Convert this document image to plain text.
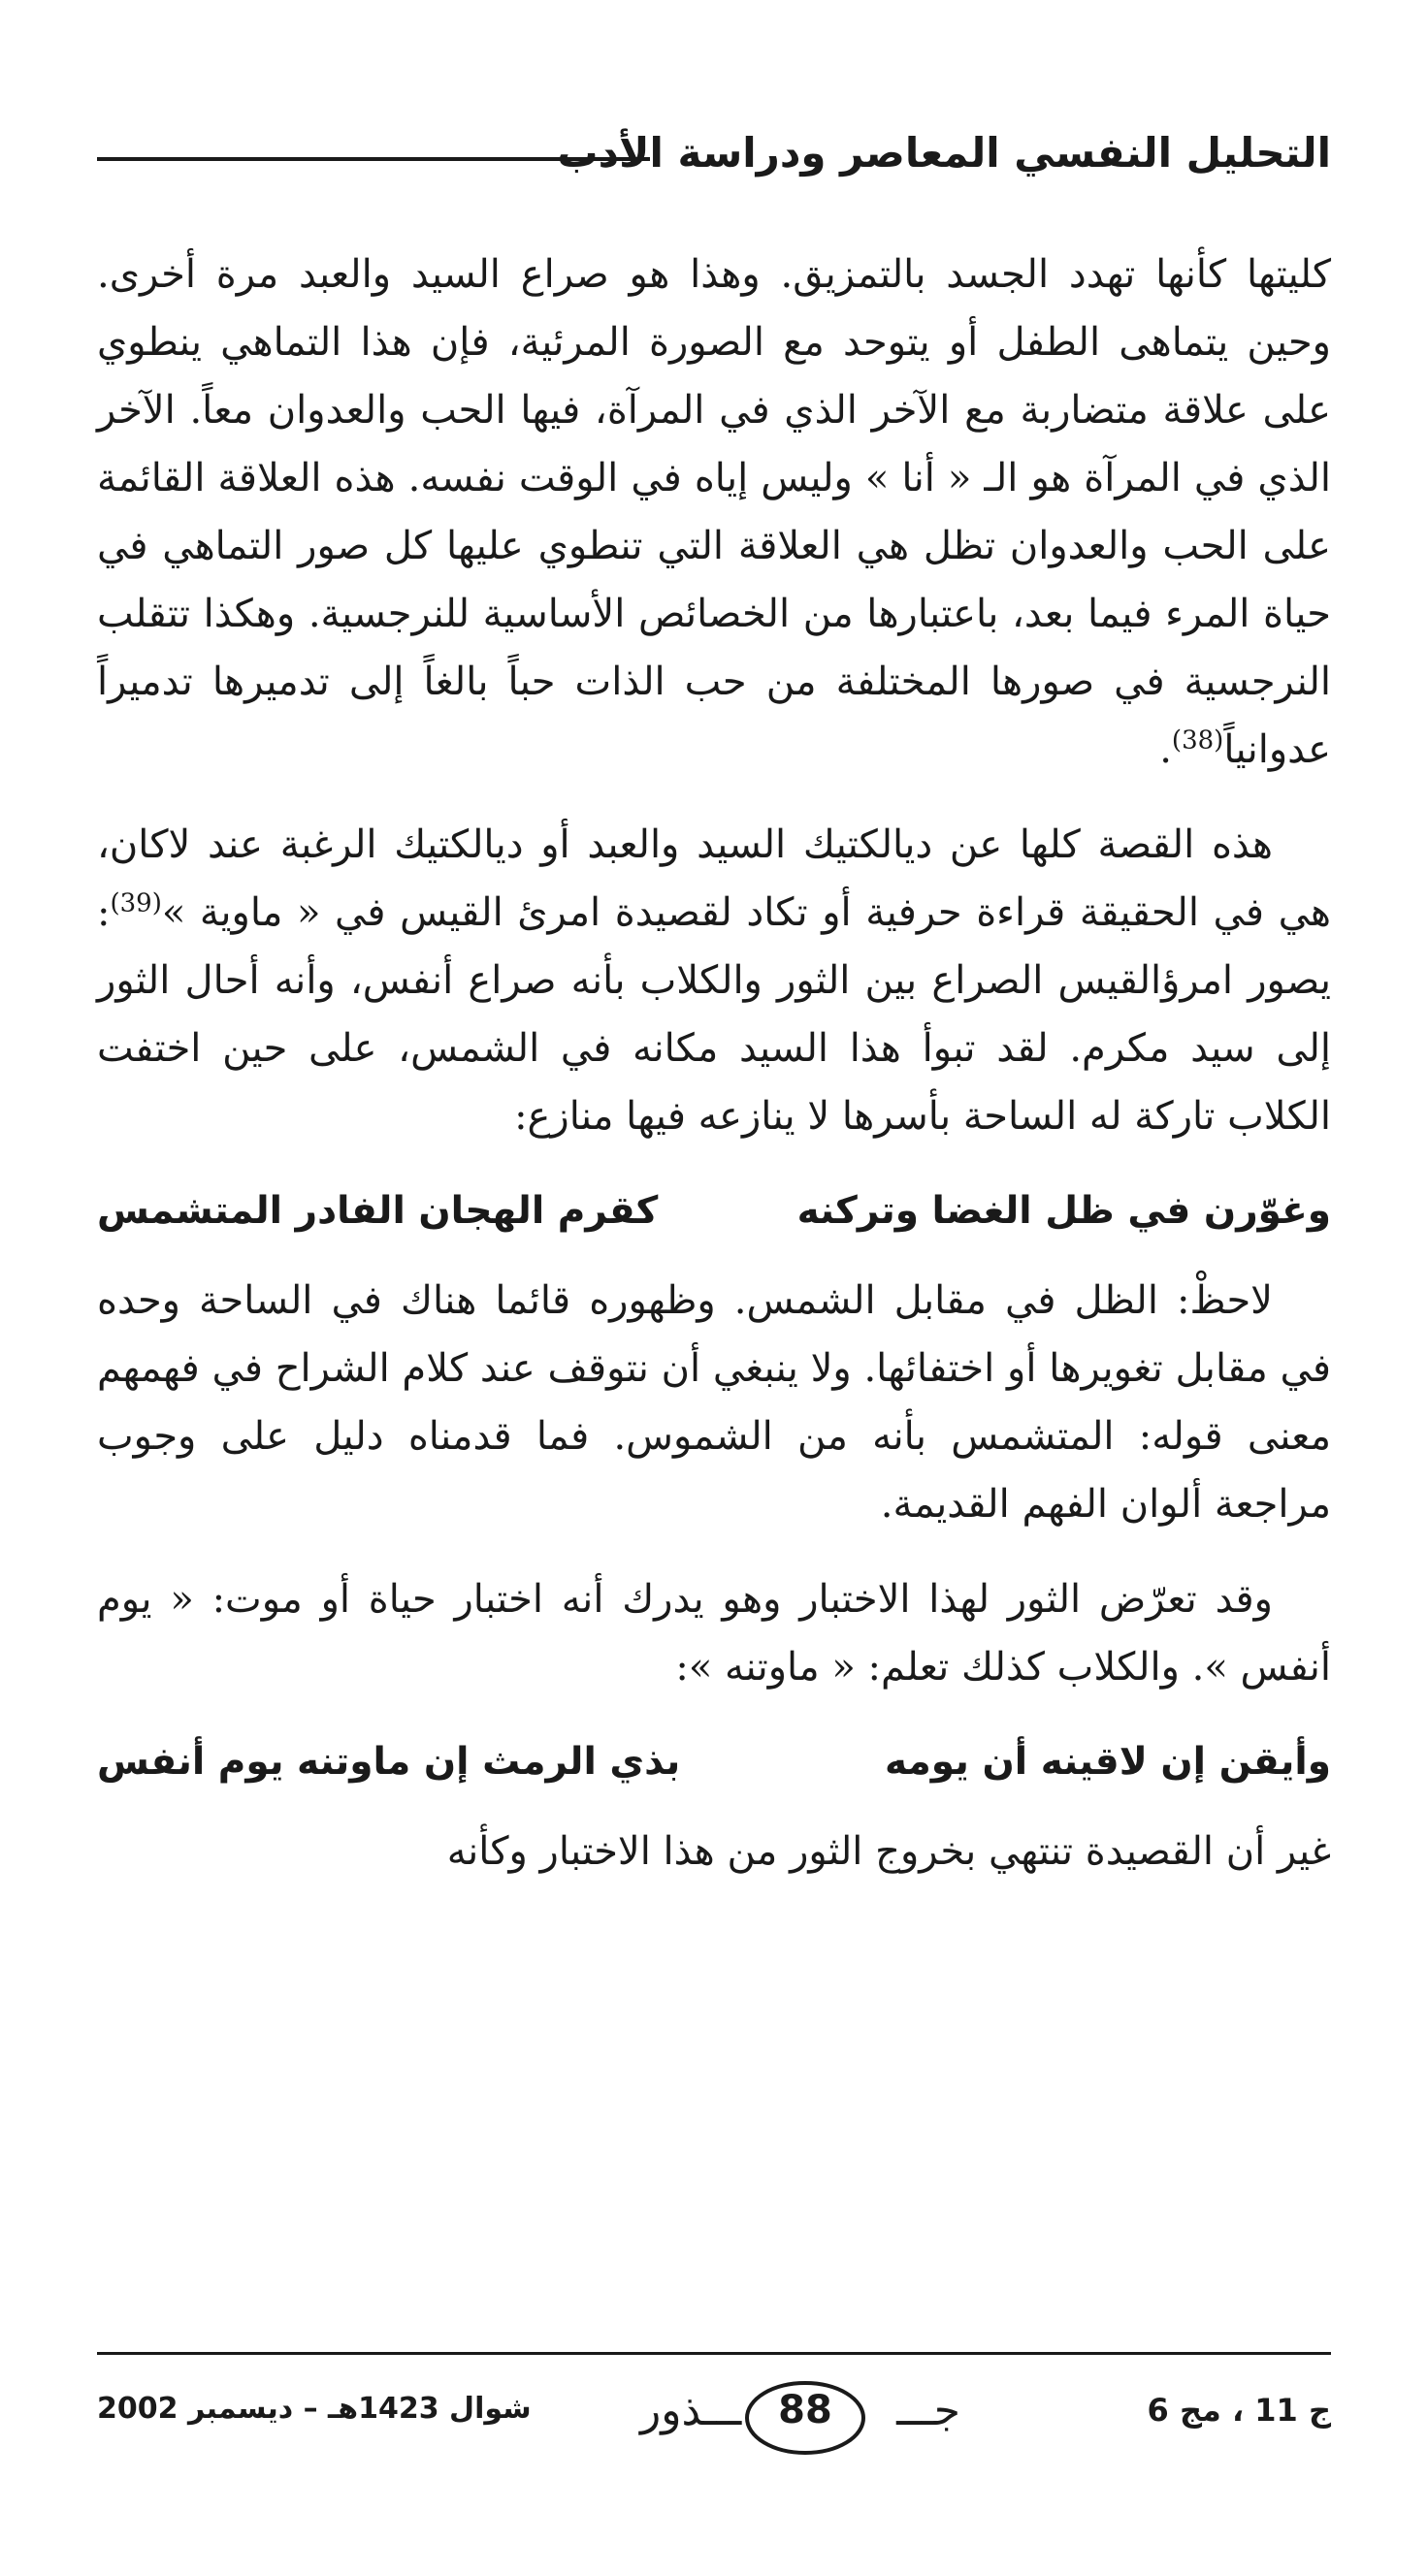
التحليل النفسي المعاصر ودراسة الأدب

كليتها كأنها تهدد الجسد بالتمزيق. وهذا هو صراع السيد والعبد مرة أخرى. وحين يتماهى الطفل أو يتوحد مع الصورة المرئية، فإن هذا التماهي ينطوي على علاقة متضاربة مع الآخر الذي في المرآة، فيها الحب والعدوان معاً. الآخر الذي في المرآة هو الـ « أنا » وليس إياه في الوقت نفسه. هذه العلاقة القائمة على الحب والعدوان تظل هي العلاقة التي تنطوي عليها كل صور التماهي في حياة المرء فيما بعد، باعتبارها من الخصائص الأساسية للنرجسية. وهكذا تتقلب النرجسية في صورها المختلفة من حب الذات حباً بالغاً إلى تدميرها تدميراً عدوانياً$^{(38)}$.

هذه القصة كلها عن ديالكتيك السيد والعبد أو ديالكتيك الرغبة عند لاكان، هي في الحقيقة قراءة حرفية أو تكاد لقصيدة امرئ القيس في « ماوية »$^{(39)}$: يصور امرؤالقيس الصراع بين الثور والكلاب بأنه صراع أنفس، وأنه أحال الثور إلى سيد مكرم. لقد تبوأ هذا السيد مكانه في الشمس، على حين اختفت الكلاب تاركة له الساحة بأسرها لا ينازعه فيها منازع:

وغوّرن في ظل الغضا وتركنه
كقرم الهجان الفادر المتشمس

لاحظْ: الظل في مقابل الشمس. وظهوره قائما هناك في الساحة وحده في مقابل تغويرها أو اختفائها. ولا ينبغي أن نتوقف عند كلام الشراح في فهمهم معنى قوله: المتشمس بأنه من الشموس. فما قدمناه دليل على وجوب مراجعة ألوان الفهم القديمة.

وقد تعرّض الثور لهذا الاختبار وهو يدرك أنه اختبار حياة أو موت: « يوم أنفس ». والكلاب كذلك تعلم: « ماوتنه »:

وأيقن إن لاقينه أن يومه
بذي الرمث إن ماوتنه يوم أنفس

غير أن القصيدة تنتهي بخروج الثور من هذا الاختبار وكأنه

ج 11 ، مج 6
جـــ
88
ـــذور
شوال 1423هـ – ديسمبر 2002
